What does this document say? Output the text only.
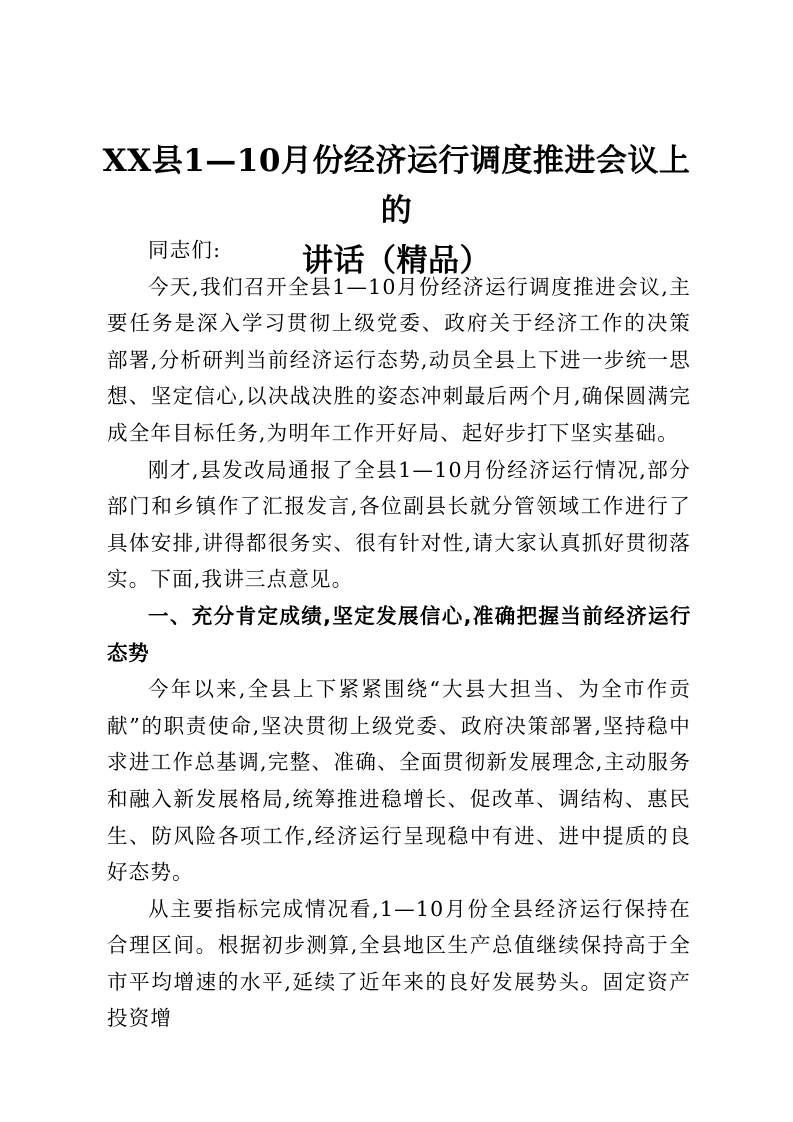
XX县1—10月份经济运行调度推进会议上的
讲话（精品）

同志们:

今天,我们召开全县1—10月份经济运行调度推进会议,主要任务是深入学习贯彻上级党委、政府关于经济工作的决策部署,分析研判当前经济运行态势,动员全县上下进一步统一思想、坚定信心,以决战决胜的姿态冲刺最后两个月,确保圆满完成全年目标任务,为明年工作开好局、起好步打下坚实基础。

刚才,县发改局通报了全县1—10月份经济运行情况,部分部门和乡镇作了汇报发言,各位副县长就分管领域工作进行了具体安排,讲得都很务实、很有针对性,请大家认真抓好贯彻落实。下面,我讲三点意见。

一、充分肯定成绩,坚定发展信心,准确把握当前经济运行态势

今年以来,全县上下紧紧围绕“大县大担当、为全市作贡献”的职责使命,坚决贯彻上级党委、政府决策部署,坚持稳中求进工作总基调,完整、准确、全面贯彻新发展理念,主动服务和融入新发展格局,统筹推进稳增长、促改革、调结构、惠民生、防风险各项工作,经济运行呈现稳中有进、进中提质的良好态势。

从主要指标完成情况看,1—10月份全县经济运行保持在合理区间。根据初步测算,全县地区生产总值继续保持高于全市平均增速的水平,延续了近年来的良好发展势头。固定资产投资增
